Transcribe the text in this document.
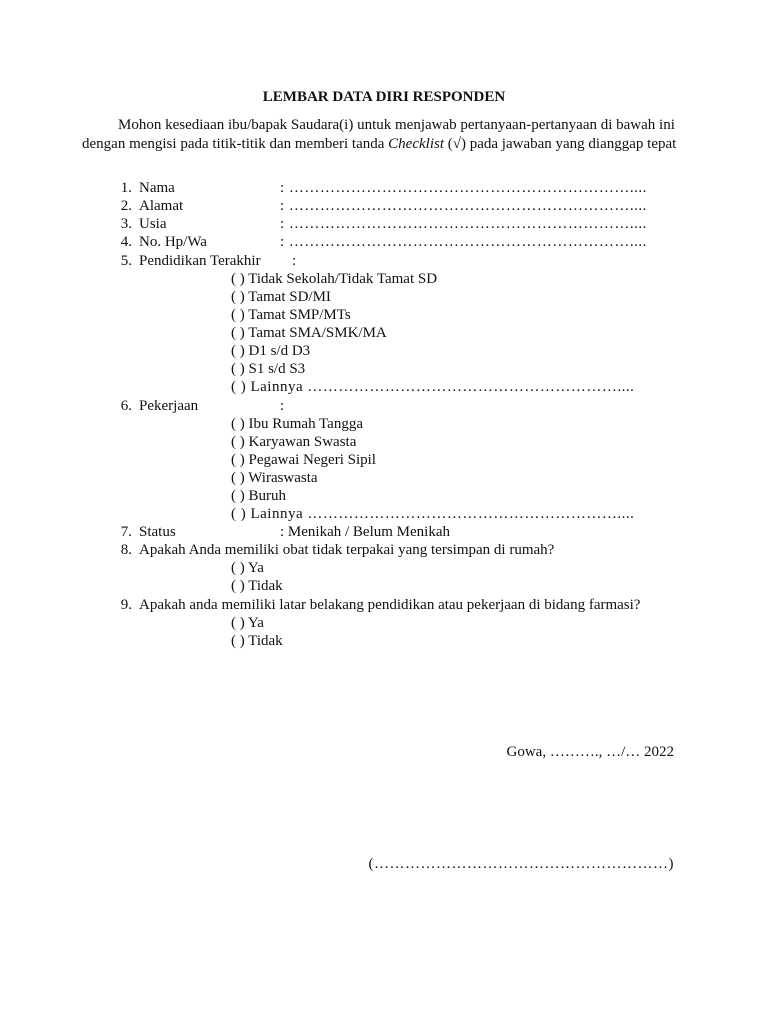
LEMBAR DATA DIRI RESPONDEN
Mohon kesediaan ibu/bapak Saudara(i) untuk menjawab pertanyaan-pertanyaan di bawah ini dengan mengisi pada titik-titik dan memberi tanda Checklist (√) pada jawaban yang dianggap tepat
1. Nama	: …………………………………………………………....
2. Alamat	: …………………………………………………………....
3. Usia	: …………………………………………………………....
4. No. Hp/Wa	: …………………………………………………………....
5. Pendidikan Terakhir :
( ) Tidak Sekolah/Tidak Tamat SD
( ) Tamat SD/MI
( ) Tamat SMP/MTs
( ) Tamat SMA/SMK/MA
( ) D1 s/d D3
( ) S1 s/d S3
( ) Lainnya ……………………………………………………....
6. Pekerjaan	:
( ) Ibu Rumah Tangga
( ) Karyawan Swasta
( ) Pegawai Negeri Sipil
( ) Wiraswasta
( ) Buruh
( ) Lainnya ……………………………………………………....
7. Status	: Menikah / Belum Menikah
8. Apakah Anda memiliki obat tidak terpakai yang tersimpan di rumah?
( ) Ya
( ) Tidak
9. Apakah anda memiliki latar belakang pendidikan atau pekerjaan di bidang farmasi?
( ) Ya
( ) Tidak
Gowa, ………., …/… 2022
(…………………………………………………)
